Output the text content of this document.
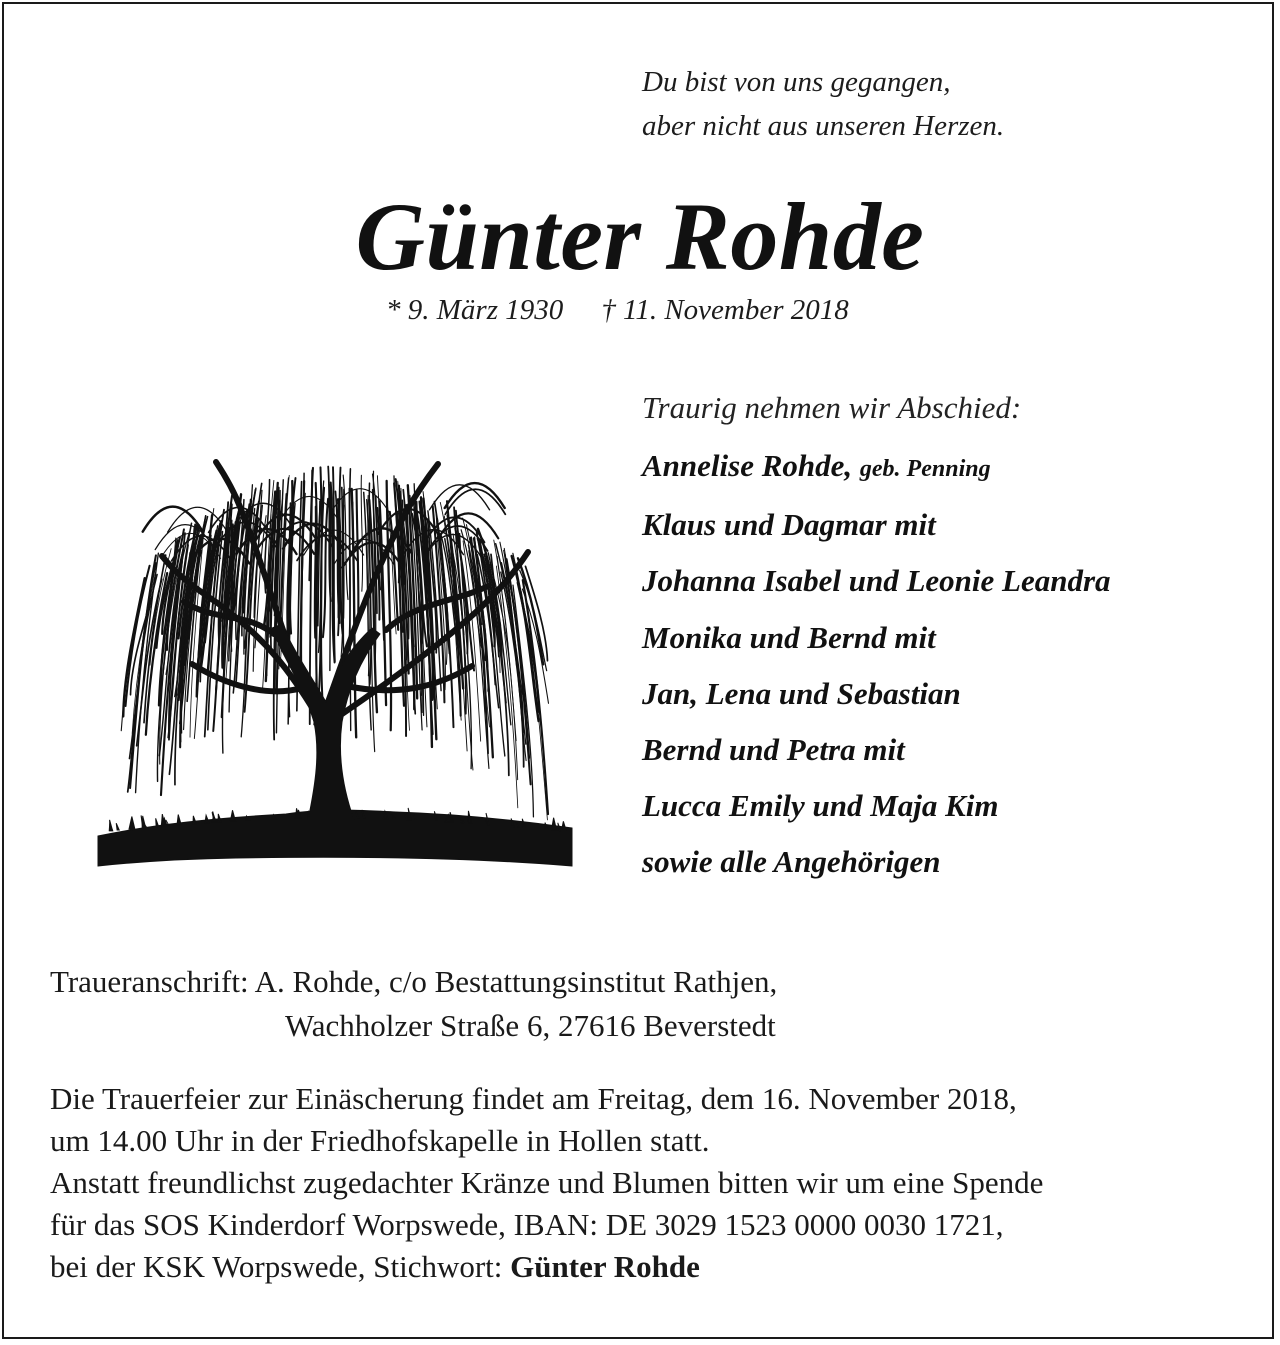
Du bist von uns gegangen,
aber nicht aus unseren Herzen.
Günter Rohde
* 9. März 1930 † 11. November 2018
Traurig nehmen wir Abschied:
Annelise Rohde, geb. Penning
Klaus und Dagmar mit
Johanna Isabel und Leonie Leandra
Monika und Bernd mit
Jan, Lena und Sebastian
Bernd und Petra mit
Lucca Emily und Maja Kim
sowie alle Angehörigen
Traueranschrift: A. Rohde, c/o Bestattungsinstitut Rathjen,
Wachholzer Straße 6, 27616 Beverstedt
Die Trauerfeier zur Einäscherung findet am Freitag, dem 16. November 2018,
um 14.00 Uhr in der Friedhofskapelle in Hollen statt.
Anstatt freundlichst zugedachter Kränze und Blumen bitten wir um eine Spende
für das SOS Kinderdorf Worpswede, IBAN: DE 3029 1523 0000 0030 1721,
bei der KSK Worpswede, Stichwort: Günter Rohde
